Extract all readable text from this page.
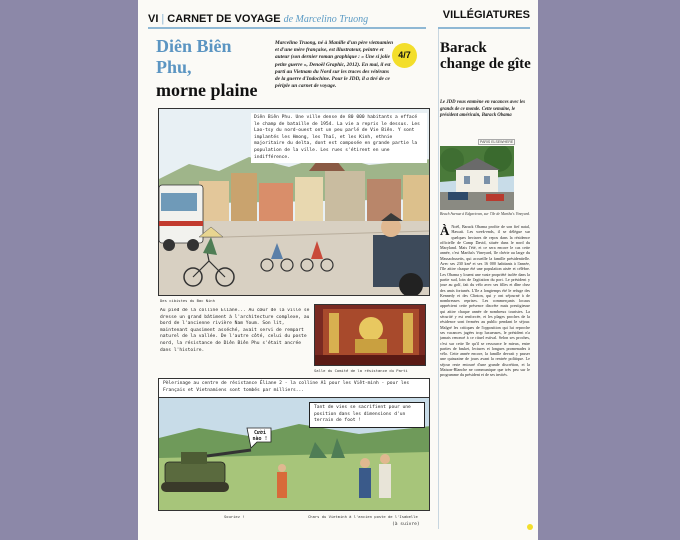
VI | CARNET DE VOYAGE de Marcelino Truong	VILLÉGIATURES
Diên Biên Phu,
morne plaine
Marcelino Truong, né à Manille d'un père vietnamien et d'une mère française, est illustrateur, peintre et auteur (son dernier roman graphique : « Une si jolie petite guerre », Denoël Graphic, 2012). En mai, il est parti au Vietnam du Nord sur les traces des vétérans de la guerre d'Indochine. Pour le JDD, il a tiré de ce périple un carnet de voyage.
4/7
Diên Biên Phu. Une ville dense de 80 000 habitants a effacé le champ de bataille de 1954. La vie a repris le dessus. Les Lao-tsy du nord-ouest ont un peu parlé de Vie Biên. Y sont implantés les Hmong, les Thaï, et les Kinh, ethnie majoritaire du delta, dont est composée en grande partie la population de la ville. Les rues s'étirent en une indifférence.
Des cibistes du Bac Ninh
Au pied de la colline Éliane... Au cœur de la ville se dresse un grand bâtiment à l'architecture complexe, au bord de l'ancienne rivière Nam Youm. Son lit, maintenant quasiment asséché, avait servi de rempart naturel de la vallée. De l'autre côté, celui du poste nord, la résistance de Diên Biên Phu s'était ancrée dans l'histoire.
Salle du Comité de la résistance du Parti
Pèlerinage au centre de résistance Éliane 2 - la colline A1 pour les Viêt-minh - pour les Français et Vietnamiens sont tombés par milliers...
Cười nào !
Tant de vies se sacrifient pour une position dans les dimensions d'un terrain de foot !
Souriez !	Chars du Vietminh à l'ancien poste de l'Isabelle
(à suivre)
Barack change de gîte
Le JDD vous emmène en vacances avec les grands de ce monde. Cette semaine, le président américain, Barack Obama
PARIS ELSEWHERE
Beach Avenue à Edgartown, sur l'île de Martha's Vineyard.
À Noël, Barack Obama profite de son fief natal, Hawaii. Les week-ends, il se délègue sur quelques hectares de repos dans la résidence officielle de Camp David, située dans le nord du Maryland. Mais l'été, et ce sera encore le cas cette année, c'est Martha's Vineyard, île chérie au large du Massachusetts, qui accueille la famille présidentielle. Avec ses 230 km² et ses 16 000 habitants à l'année, l'île attire chaque été une population aisée et célèbre. Les Obama y louent une vaste propriété isolée dans la partie sud, loin de l'agitation du port. Le président y joue au golf, fait du vélo avec ses filles et dîne chez des amis fortunés. L'île a longtemps été le refuge des Kennedy et des Clinton, qui y ont séjourné à de nombreuses reprises. Les commerçants locaux apprécient cette présence discrète mais prestigieuse qui attire chaque année de nombreux touristes. La sécurité y est renforcée, et les plages proches de la résidence sont fermées au public pendant le séjour. Malgré les critiques de l'opposition qui lui reproche ses vacances jugées trop luxueuses, le président n'a jamais renoncé à ce rituel estival. Selon ses proches, c'est sur cette île qu'il se ressource le mieux, entre parties de basket, lectures et longues promenades à vélo. Cette année encore, la famille devrait y passer une quinzaine de jours avant la rentrée politique. Le séjour reste entouré d'une grande discrétion, et la Maison-Blanche ne communique que très peu sur le programme du président et de ses invités.
